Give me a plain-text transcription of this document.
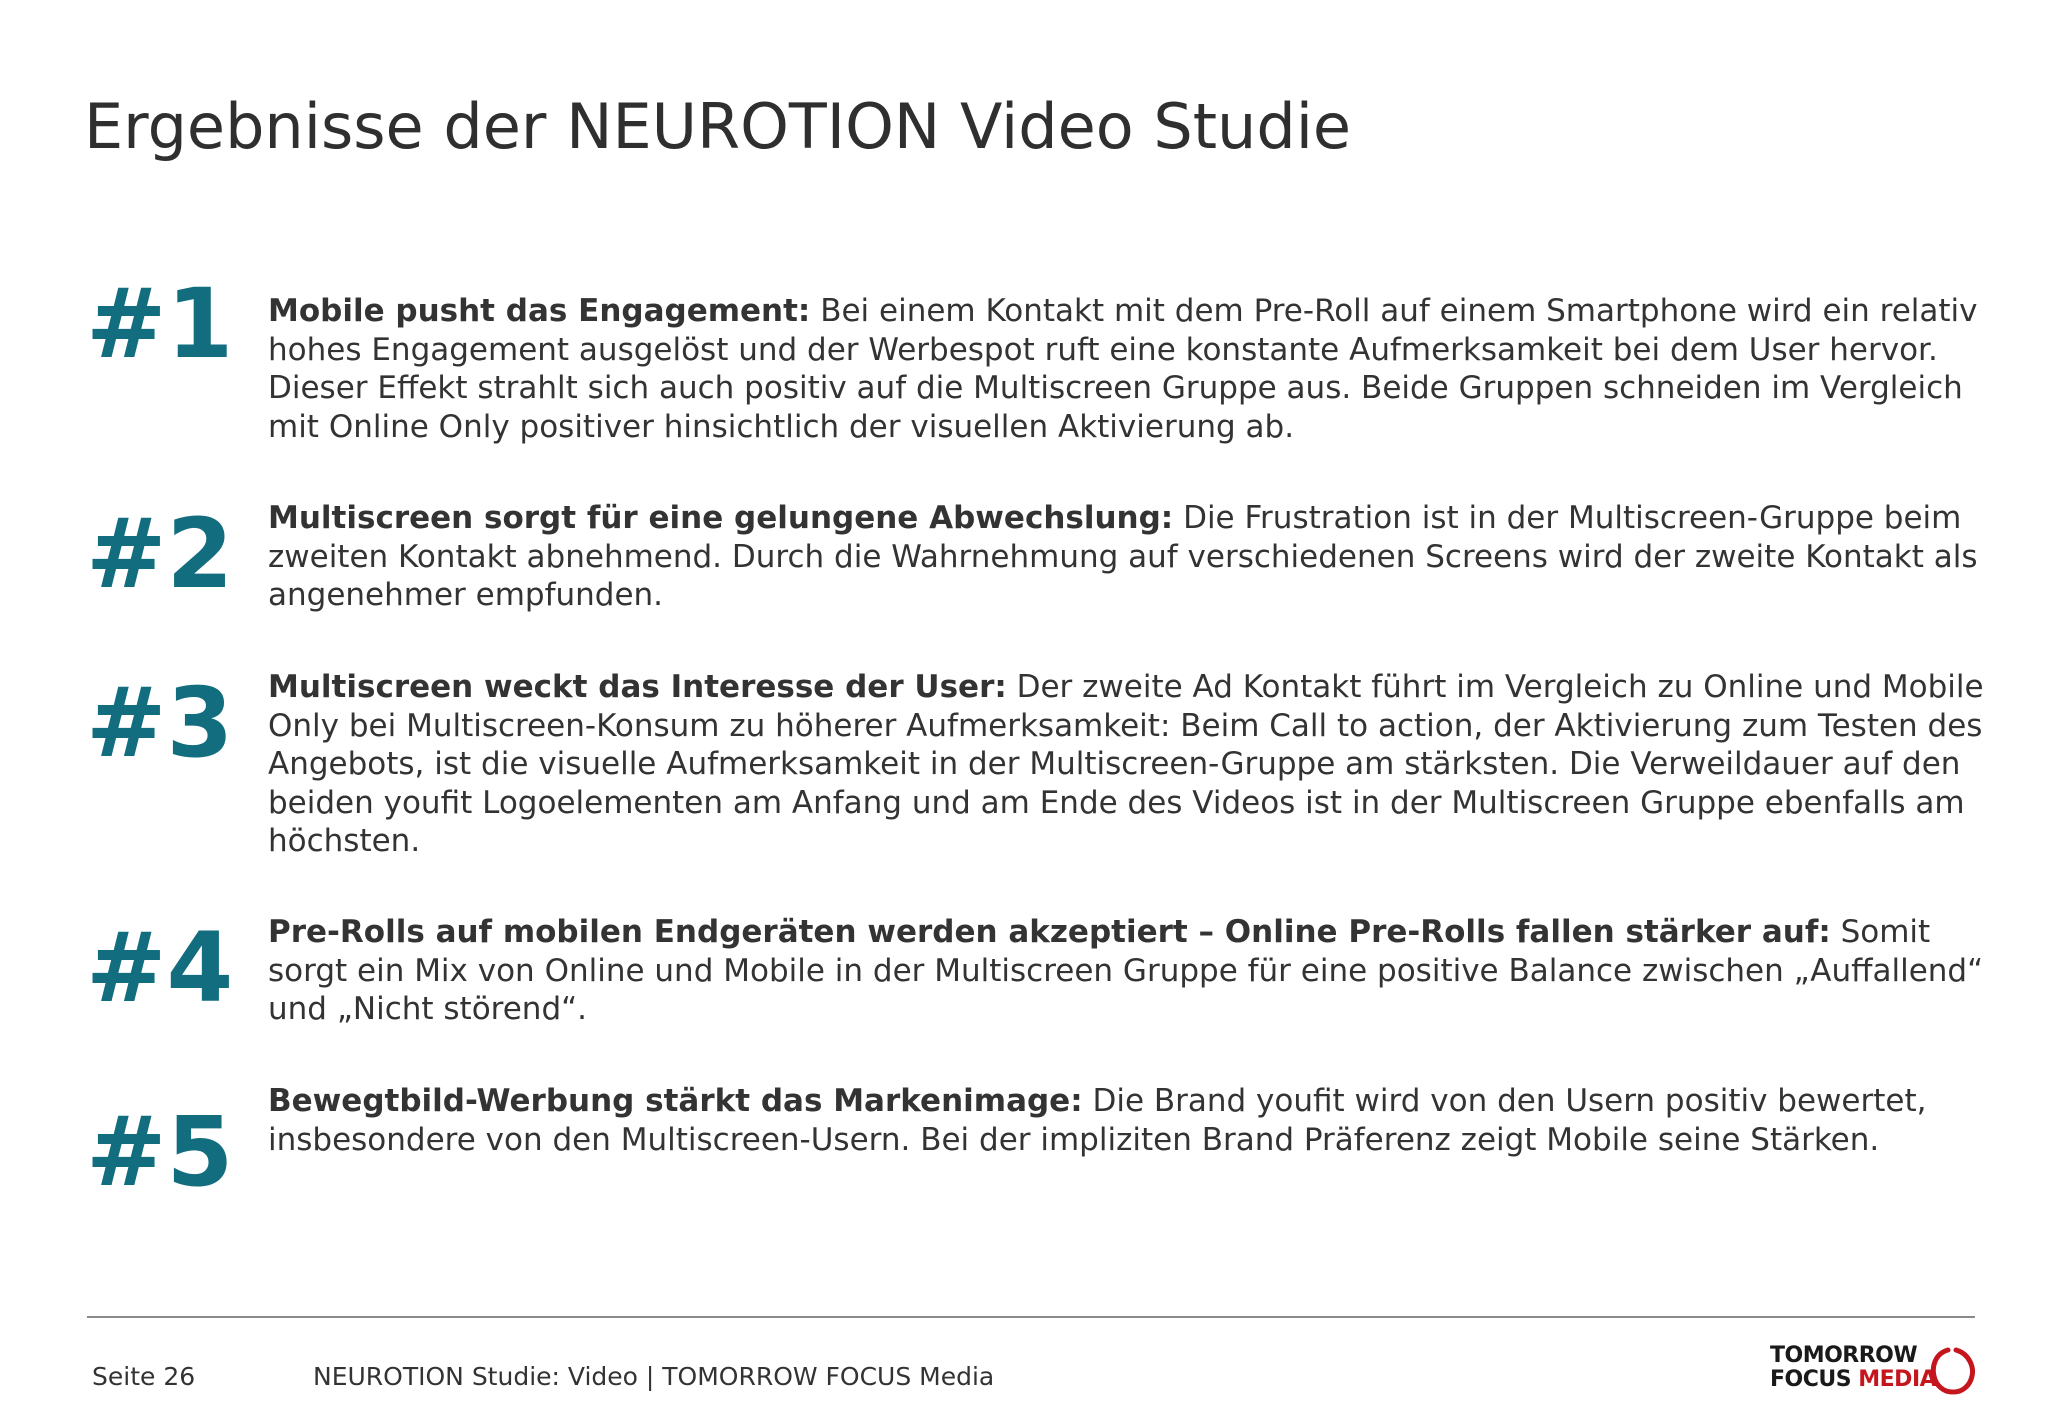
Ergebnisse der NEUROTION Video Studie
#1 Mobile pusht das Engagement: Bei einem Kontakt mit dem Pre-Roll auf einem Smartphone wird ein relativ hohes Engagement ausgelöst und der Werbespot ruft eine konstante Aufmerksamkeit bei dem User hervor. Dieser Effekt strahlt sich auch positiv auf die Multiscreen Gruppe aus. Beide Gruppen schneiden im Vergleich mit Online Only positiver hinsichtlich der visuellen Aktivierung ab.

#2 Multiscreen sorgt für eine gelungene Abwechslung: Die Frustration ist in der Multiscreen-Gruppe beim zweiten Kontakt abnehmend. Durch die Wahrnehmung auf verschiedenen Screens wird der zweite Kontakt als angenehmer empfunden.

#3 Multiscreen weckt das Interesse der User: Der zweite Ad Kontakt führt im Vergleich zu Online und Mobile Only bei Multiscreen-Konsum zu höherer Aufmerksamkeit: Beim Call to action, der Aktivierung zum Testen des Angebots, ist die visuelle Aufmerksamkeit in der Multiscreen-Gruppe am stärksten. Die Verweildauer auf den beiden youfit Logoelementen am Anfang und am Ende des Videos ist in der Multiscreen Gruppe ebenfalls am höchsten.

#4 Pre-Rolls auf mobilen Endgeräten werden akzeptiert – Online Pre-Rolls fallen stärker auf: Somit sorgt ein Mix von Online und Mobile in der Multiscreen Gruppe für eine positive Balance zwischen „Auffallend“ und „Nicht störend“.

#5 Bewegtbild-Werbung stärkt das Markenimage: Die Brand youfit wird von den Usern positiv bewertet, insbesondere von den Multiscreen-Usern. Bei der impliziten Brand Präferenz zeigt Mobile seine Stärken.

Seite 26	NEUROTION Studie: Video | TOMORROW FOCUS Media
TOMORROW
FOCUS MEDIA
